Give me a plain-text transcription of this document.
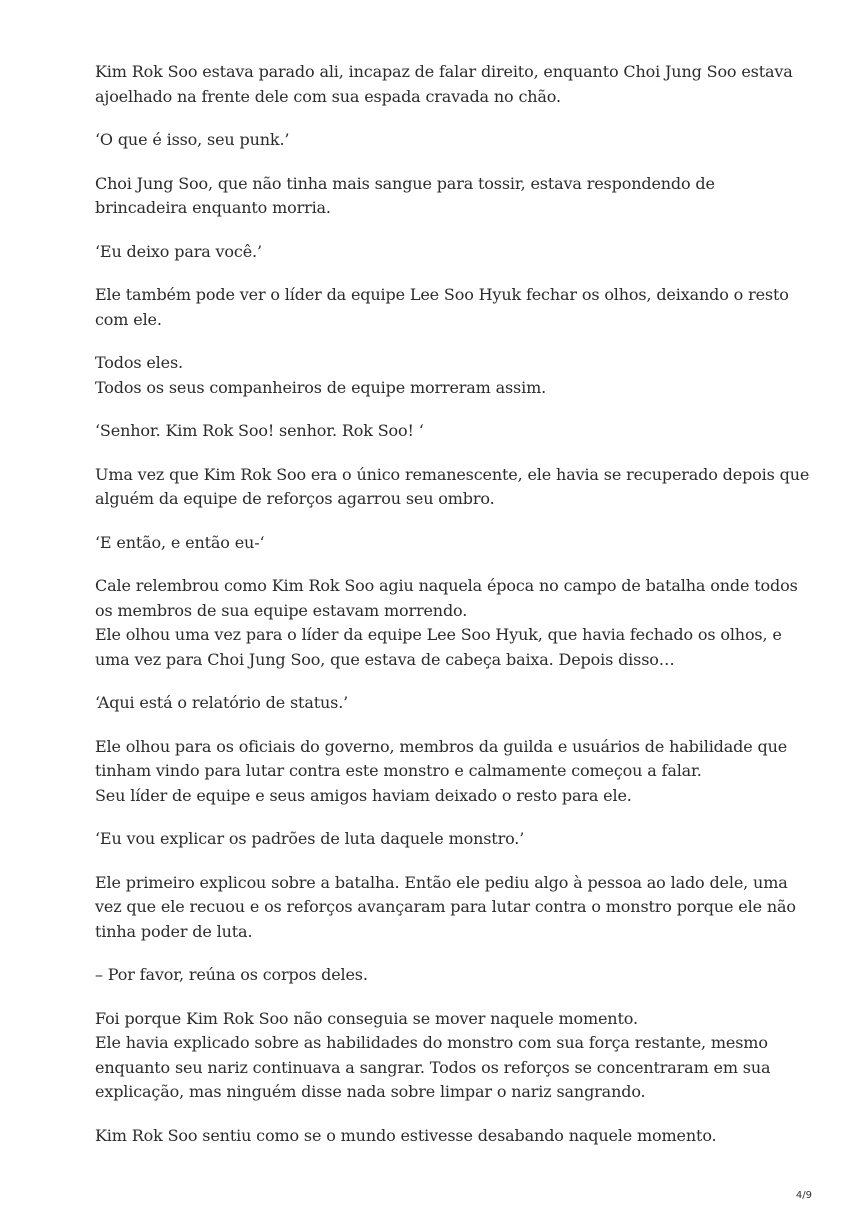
Kim Rok Soo estava parado ali, incapaz de falar direito, enquanto Choi Jung Soo estava
ajoelhado na frente dele com sua espada cravada no chão.

‘O que é isso, seu punk.’

Choi Jung Soo, que não tinha mais sangue para tossir, estava respondendo de
brincadeira enquanto morria.

‘Eu deixo para você.’

Ele também pode ver o líder da equipe Lee Soo Hyuk fechar os olhos, deixando o resto
com ele.

Todos eles.
Todos os seus companheiros de equipe morreram assim.

‘Senhor. Kim Rok Soo! senhor. Rok Soo! ‘

Uma vez que Kim Rok Soo era o único remanescente, ele havia se recuperado depois que
alguém da equipe de reforços agarrou seu ombro.

‘E então, e então eu-‘

Cale relembrou como Kim Rok Soo agiu naquela época no campo de batalha onde todos
os membros de sua equipe estavam morrendo.
Ele olhou uma vez para o líder da equipe Lee Soo Hyuk, que havia fechado os olhos, e
uma vez para Choi Jung Soo, que estava de cabeça baixa. Depois disso…

‘Aqui está o relatório de status.’

Ele olhou para os oficiais do governo, membros da guilda e usuários de habilidade que
tinham vindo para lutar contra este monstro e calmamente começou a falar.
Seu líder de equipe e seus amigos haviam deixado o resto para ele.

‘Eu vou explicar os padrões de luta daquele monstro.’

Ele primeiro explicou sobre a batalha. Então ele pediu algo à pessoa ao lado dele, uma
vez que ele recuou e os reforços avançaram para lutar contra o monstro porque ele não
tinha poder de luta.

– Por favor, reúna os corpos deles.

Foi porque Kim Rok Soo não conseguia se mover naquele momento.
Ele havia explicado sobre as habilidades do monstro com sua força restante, mesmo
enquanto seu nariz continuava a sangrar. Todos os reforços se concentraram em sua
explicação, mas ninguém disse nada sobre limpar o nariz sangrando.

Kim Rok Soo sentiu como se o mundo estivesse desabando naquele momento.

4/9
